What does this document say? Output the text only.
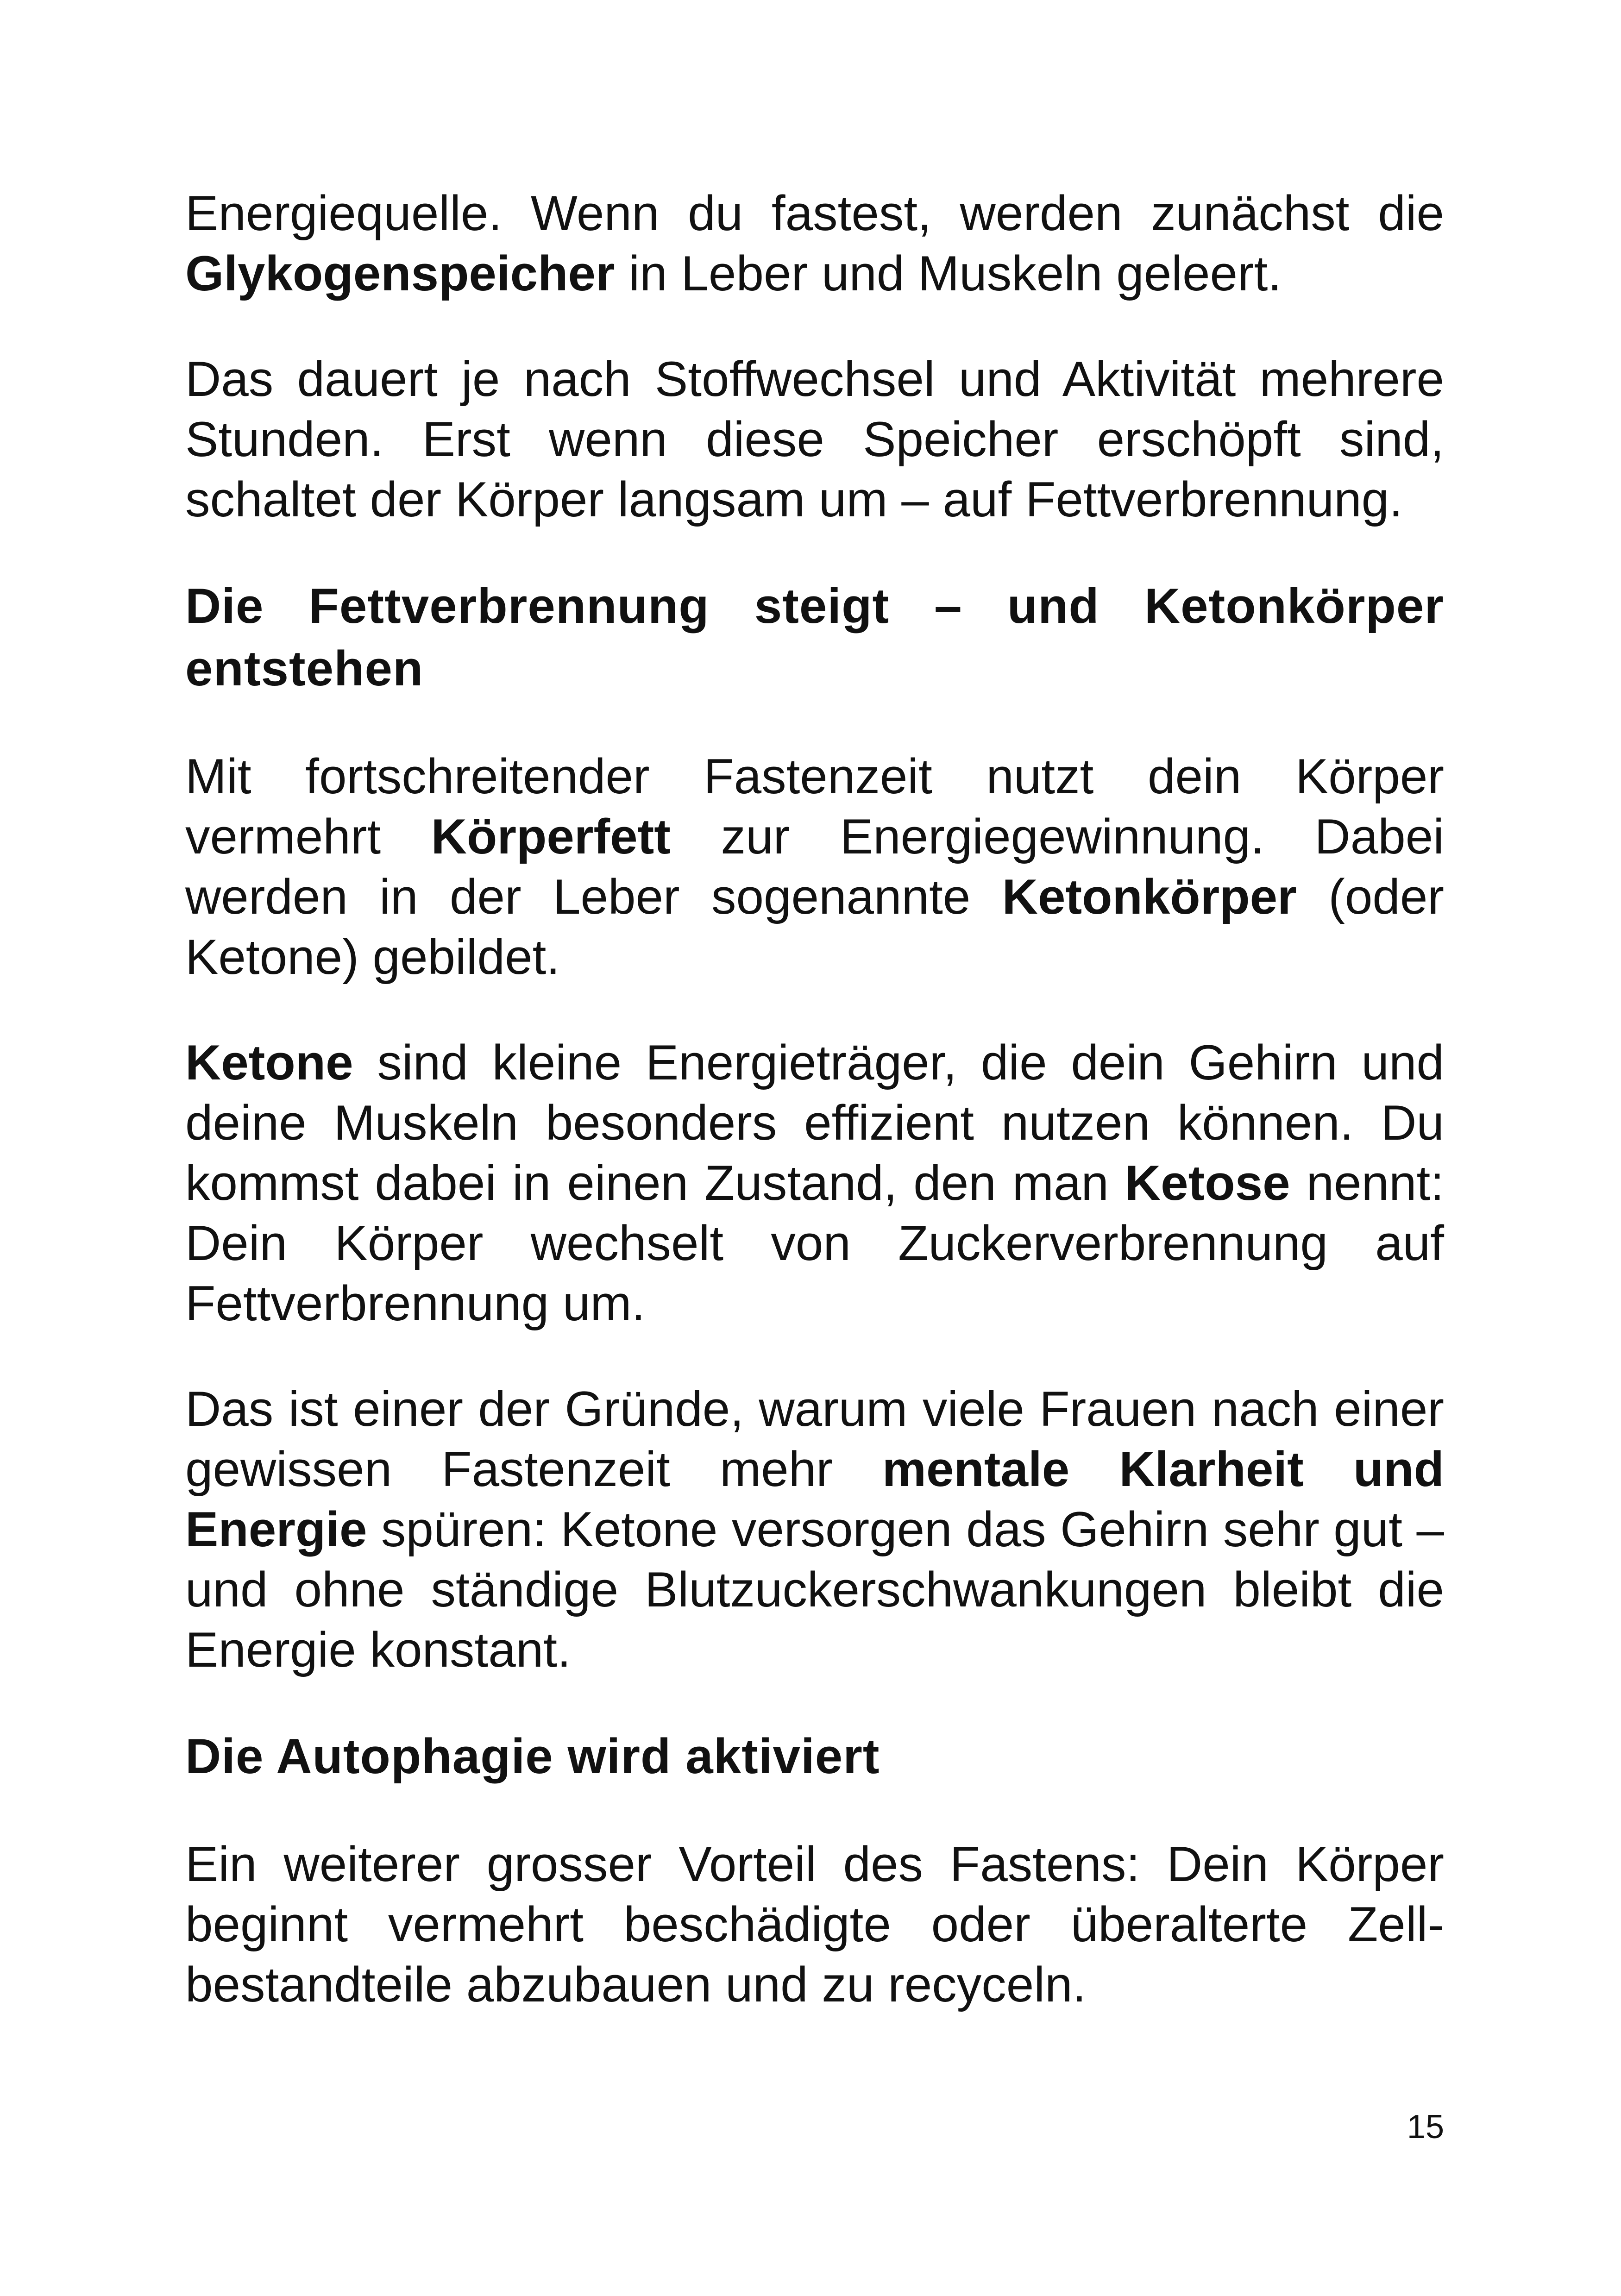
Energiequelle. Wenn du fastest, werden zunächst die Glykogenspeicher in Leber und Muskeln geleert.

Das dauert je nach Stoffwechsel und Aktivität mehrere Stunden. Erst wenn diese Speicher erschöpft sind, schaltet der Körper langsam um – auf Fettverbrennung.

Die Fettverbrennung steigt – und Ketonkörper entstehen

Mit fortschreitender Fastenzeit nutzt dein Körper vermehrt Körperfett zur Energiegewinnung. Dabei werden in der Leber sogenannte Ketonkörper (oder Ketone) gebildet.

Ketone sind kleine Energieträger, die dein Gehirn und deine Muskeln besonders effizient nutzen können. Du kommst dabei in einen Zustand, den man Ketose nennt: Dein Körper wechselt von Zuckerverbrennung auf Fettverbrennung um.

Das ist einer der Gründe, warum viele Frauen nach einer gewissen Fastenzeit mehr mentale Klarheit und Energie spüren: Ketone versorgen das Gehirn sehr gut – und ohne ständige Blutzuckerschwankungen bleibt die Energie konstant.

Die Autophagie wird aktiviert

Ein weiterer grosser Vorteil des Fastens: Dein Körper beginnt vermehrt beschädigte oder überalterte Zell-bestandteile abzubauen und zu recyceln.

15
